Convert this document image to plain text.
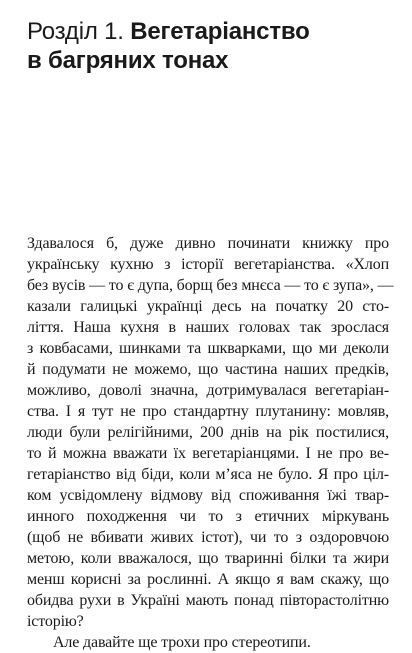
Розділ 1. Вегетаріанство
в багряних тонах
Здавалося б, дуже дивно починати книжку про
українську кухню з історії вегетаріанства. «Хлоп
без вусів — то є дупа, борщ без мнєса — то є зупа», —
казали галицькі українці десь на початку 20 сто-
ліття. Наша кухня в наших головах так зрослася
з ковбасами, шинками та шкварками, що ми деколи
й подумати не можемо, що частина наших предків,
можливо, доволі значна, дотримувалася вегетаріан-
ства. І я тут не про стандартну плутанину: мовляв,
люди були релігійними, 200 днів на рік постилися,
то й можна вважати їх вегетаріанцями. І не про ве-
гетаріанство від біди, коли м’яса не було. Я про ціл-
ком усвідомлену відмову від споживання їжі твар-
инного походження чи то з етичних міркувань
(щоб не вбивати живих істот), чи то з оздоровчою
метою, коли вважалося, що тваринні білки та жири
менш корисні за рослинні. А якщо я вам скажу, що
обидва рухи в Україні мають понад півторастолітню
історію?
Але давайте ще трохи про стереотипи.
